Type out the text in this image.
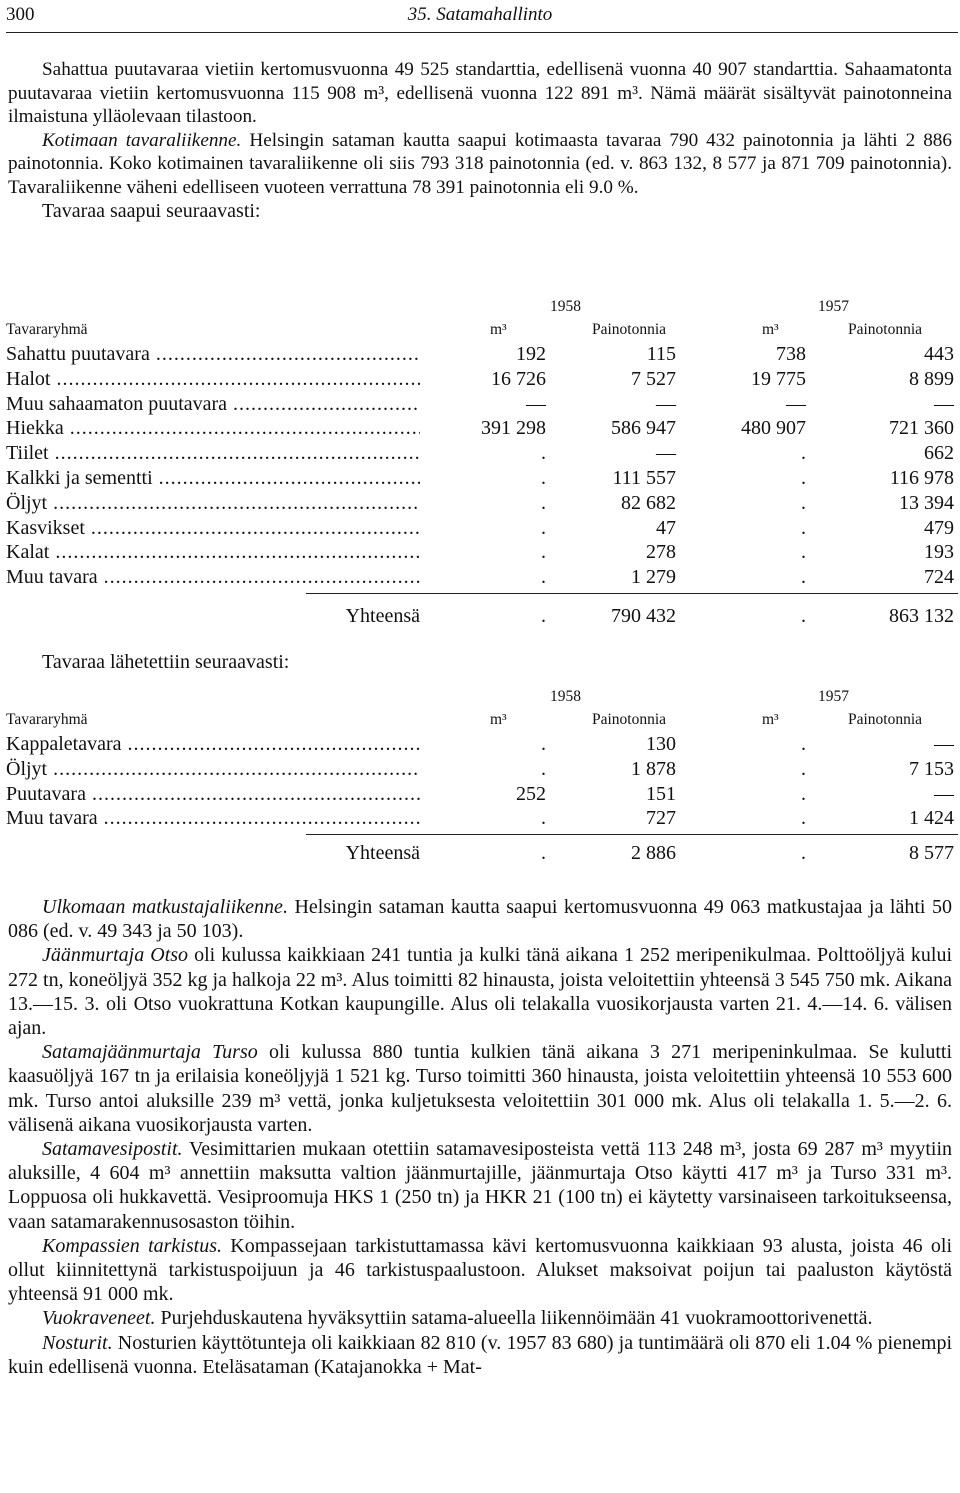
300	35. Satamahallinto

Sahattua puutavaraa vietiin kertomusvuonna 49 525 standarttia, edellisenä vuonna 40 907 standarttia. Sahaamatonta puutavaraa vietiin kertomusvuonna 115 908 m³, edellisenä vuonna 122 891 m³. Nämä määrät sisältyvät painotonneina ilmaistuna ylläolevaan tilastoon.

Kotimaan tavaraliikenne. Helsingin sataman kautta saapui kotimaasta tavaraa 790 432 painotonnia ja lähti 2 886 painotonnia. Koko kotimainen tavaraliikenne oli siis 793 318 painotonnia (ed. v. 863 132, 8 577 ja 871 709 painotonnia). Tavaraliikenne väheni edelliseen vuoteen verrattuna 78 391 painotonnia eli 9.0 %.

Tavaraa saapui seuraavasti:

1958	1957
Tavararyhmä	m³	Painotonnia	m³	Painotonnia
Sahattu puutavara .....	192	115	738	443
Halot .....	16 726	7 527	19 775	8 899
Muu sahaamaton puutavara .....	—	—	—	—
Hiekka .....	391 298	586 947	480 907	721 360
Tiilet .....	.	—	.	662
Kalkki ja sementti .....	.	111 557	.	116 978
Öljyt .....	.	82 682	.	13 394
Kasvikset .....	.	47	.	479
Kalat .....	.	278	.	193
Muu tavara .....	.	1 279	.	724
Yhteensä	.	790 432	.	863 132

Tavaraa lähetettiin seuraavasti:

1958	1957
Tavararyhmä	m³	Painotonnia	m³	Painotonnia
Kappaletavara .....	.	130	.	—
Öljyt .....	.	1 878	.	7 153
Puutavara .....	252	151	.	—
Muu tavara .....	.	727	.	1 424
Yhteensä	.	2 886	.	8 577

Ulkomaan matkustajaliikenne. Helsingin sataman kautta saapui kertomusvuonna 49 063 matkustajaa ja lähti 50 086 (ed. v. 49 343 ja 50 103).

Jäänmurtaja Otso oli kulussa kaikkiaan 241 tuntia ja kulki tänä aikana 1 252 meripenikulmaa. Polttoöljyä kului 272 tn, koneöljyä 352 kg ja halkoja 22 m³. Alus toimitti 82 hinausta, joista veloitettiin yhteensä 3 545 750 mk. Aikana 13.—15. 3. oli Otso vuokrattuna Kotkan kaupungille. Alus oli telakalla vuosikorjausta varten 21. 4.—14. 6. välisen ajan.

Satamajäänmurtaja Turso oli kulussa 880 tuntia kulkien tänä aikana 3 271 meripeninkulmaa. Se kulutti kaasuöljyä 167 tn ja erilaisia koneöljyjä 1 521 kg. Turso toimitti 360 hinausta, joista veloitettiin yhteensä 10 553 600 mk. Turso antoi aluksille 239 m³ vettä, jonka kuljetuksesta veloitettiin 301 000 mk. Alus oli telakalla 1. 5.—2. 6. välisenä aikana vuosikorjausta varten.

Satamavesipostit. Vesimittarien mukaan otettiin satamavesiposteista vettä 113 248 m³, josta 69 287 m³ myytiin aluksille, 4 604 m³ annettiin maksutta valtion jäänmurtajille, jäänmurtaja Otso käytti 417 m³ ja Turso 331 m³. Loppuosa oli hukkavettä. Vesiproomuja HKS 1 (250 tn) ja HKR 21 (100 tn) ei käytetty varsinaiseen tarkoitukseensa, vaan satamarakennusosaston töihin.

Kompassien tarkistus. Kompassejaan tarkistuttamassa kävi kertomusvuonna kaikkiaan 93 alusta, joista 46 oli ollut kiinnitettynä tarkistuspoijuun ja 46 tarkistuspaalustoon. Alukset maksoivat poijun tai paaluston käytöstä yhteensä 91 000 mk.

Vuokraveneet. Purjehduskautena hyväksyttiin satama-alueella liikennöimään 41 vuokramoottorivenettä.

Nosturit. Nosturien käyttötunteja oli kaikkiaan 82 810 (v. 1957 83 680) ja tuntimäärä oli 870 eli 1.04 % pienempi kuin edellisenä vuonna. Eteläsataman (Katajanokka + Mat-
